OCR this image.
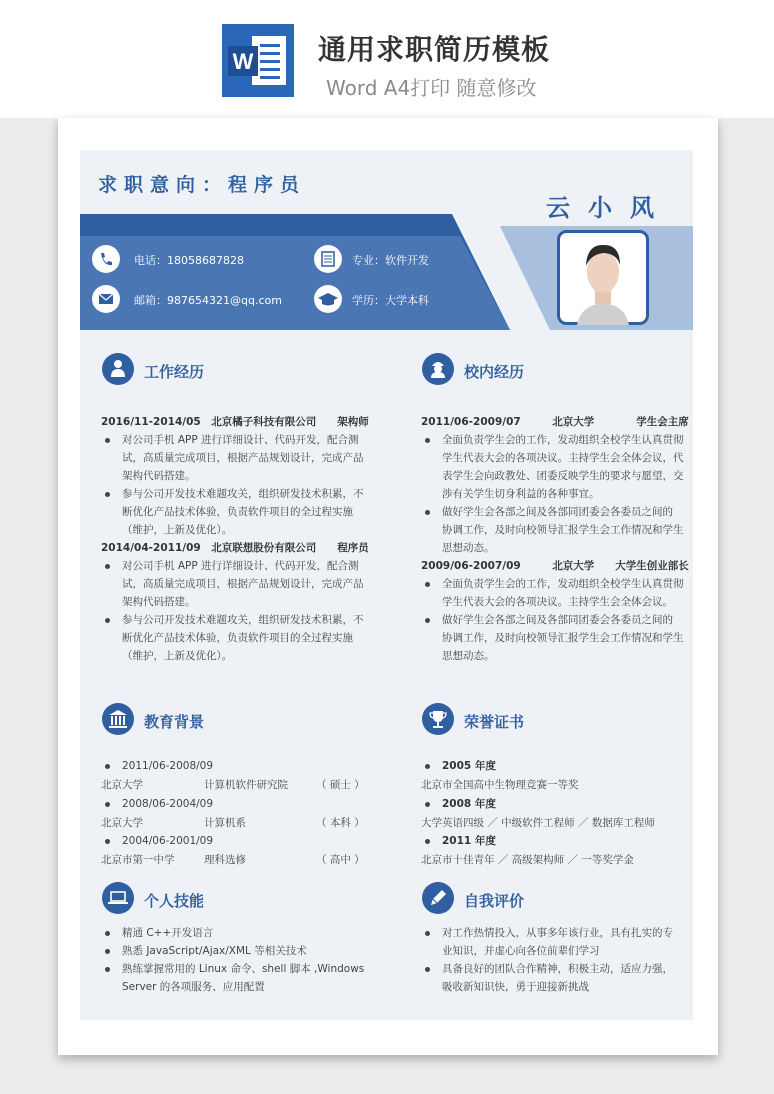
W 通用求职简历模板
Word A4打印 随意修改
求职意向：程序员
云小风
电话：18058687828	专业：软件开发
邮箱：987654321@qq.com	学历：大学本科
工作经历
2016/11-2014/05　北京橘子科技有限公司　　架构师
对公司手机 APP 进行详细设计、代码开发，配合测
试，高质量完成项目，根据产品规划设计，完成产品
架构代码搭建。
参与公司开发技术难题攻关，组织研发技术积累，不
断优化产品技术体验，负责软件项目的全过程实施
（维护，上新及优化）。
2014/04-2011/09　北京联想股份有限公司　　程序员
对公司手机 APP 进行详细设计、代码开发，配合测
试，高质量完成项目，根据产品规划设计，完成产品
架构代码搭建。
参与公司开发技术难题攻关，组织研发技术积累，不
断优化产品技术体验，负责软件项目的全过程实施
（维护，上新及优化）。
校内经历
2011/06-2009/07　　　北京大学　　　　学生会主席
全面负责学生会的工作，发动组织全校学生认真贯彻
学生代表大会的各项决议。主持学生会全体会议，代
表学生会向政教处、团委反映学生的要求与愿望，交
涉有关学生切身利益的各种事宜。
做好学生会各部之间及各部同团委会各委员之间的
协调工作，及时向校领导汇报学生会工作情况和学生
思想动态。
2009/06-2007/09　　　北京大学　　大学生创业部长
全面负责学生会的工作，发动组织全校学生认真贯彻
学生代表大会的各项决议。主持学生会全体会议。
做好学生会各部之间及各部同团委会各委员之间的
协调工作，及时向校领导汇报学生会工作情况和学生
思想动态。
教育背景
2011/06-2008/09
北京大学	计算机软件研究院	（ 硕士 ）
2008/06-2004/09
北京大学	计算机系	（ 本科 ）
2004/06-2001/09
北京市第一中学	理科选修	（ 高中 ）
荣誉证书
2005 年度
北京市全国高中生物理竞赛一等奖
2008 年度
大学英语四级 ／ 中级软件工程师 ／ 数据库工程师
2011 年度
北京市十佳青年 ／ 高级架构师 ／ 一等奖学金
个人技能
精通 C++开发语言
熟悉 JavaScript/Ajax/XML 等相关技术
熟练掌握常用的 Linux 命令、shell 脚本 ,Windows
Server 的各项服务、应用配置
自我评价
对工作热情投入，从事多年该行业，具有扎实的专
业知识，并虚心向各位前辈们学习
具备良好的团队合作精神，积极主动，适应力强，
吸收新知识快，勇于迎接新挑战
